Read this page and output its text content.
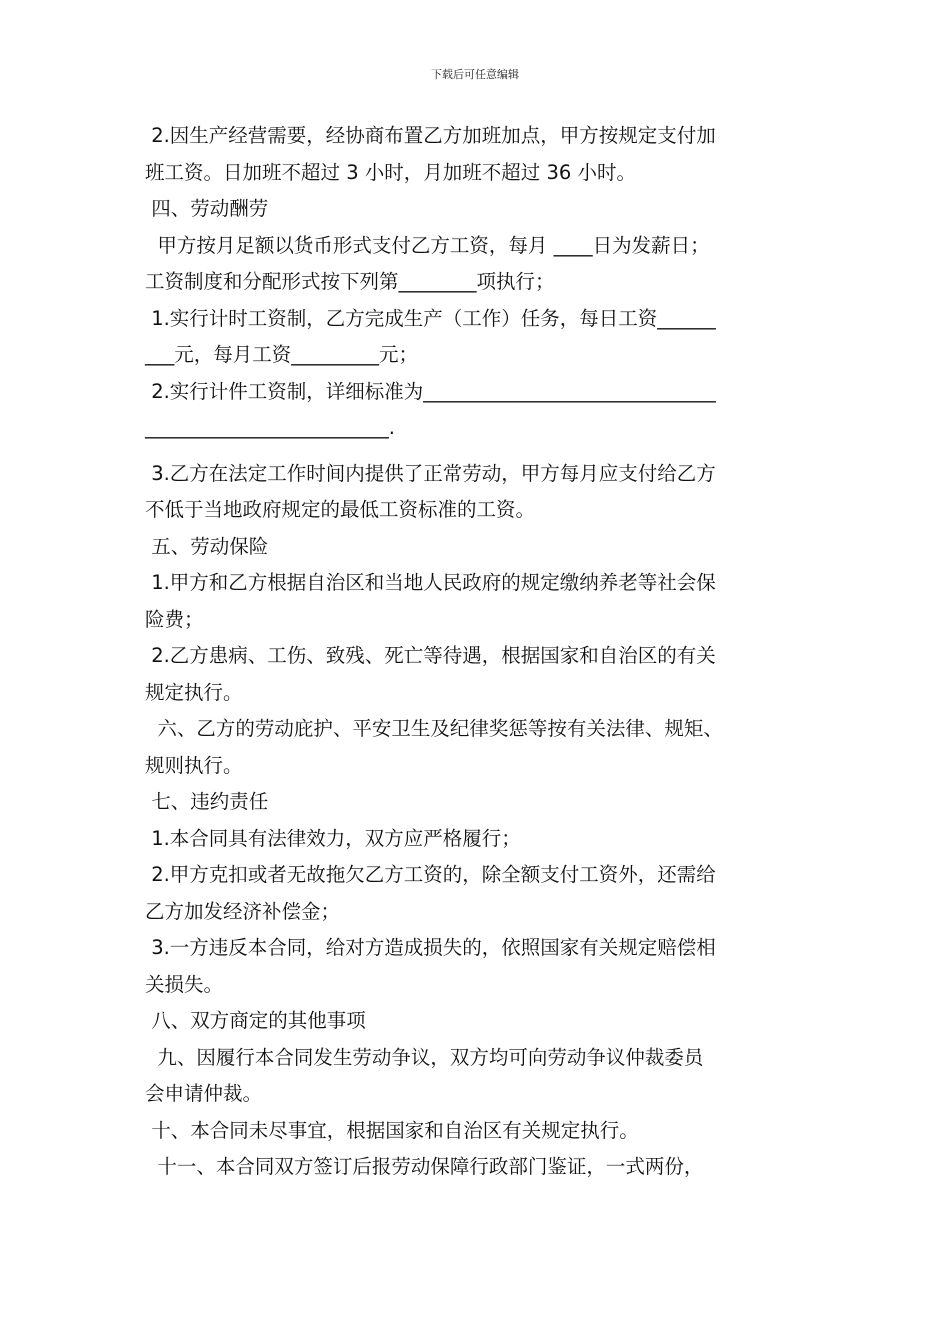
下载后可任意编辑
2.因生产经营需要，经协商布置乙方加班加点，甲方按规定支付加
班工资。日加班不超过 3 小时，月加班不超过 36 小时。
四、劳动酬劳
甲方按月足额以货币形式支付乙方工资，每月 ____日为发薪日；
工资制度和分配形式按下列第________项执行；
1.实行计时工资制，乙方完成生产（工作）任务，每日工资______
___元，每月工资_________元；
2.实行计件工资制，详细标准为______________________________
_________________________.
3.乙方在法定工作时间内提供了正常劳动，甲方每月应支付给乙方
不低于当地政府规定的最低工资标准的工资。
五、劳动保险
1.甲方和乙方根据自治区和当地人民政府的规定缴纳养老等社会保
险费；
2.乙方患病、工伤、致残、死亡等待遇，根据国家和自治区的有关
规定执行。
六、乙方的劳动庇护、平安卫生及纪律奖惩等按有关法律、规矩、
规则执行。
七、违约责任
1.本合同具有法律效力，双方应严格履行；
2.甲方克扣或者无故拖欠乙方工资的，除全额支付工资外，还需给
乙方加发经济补偿金；
3.一方违反本合同，给对方造成损失的，依照国家有关规定赔偿相
关损失。
八、双方商定的其他事项
九、因履行本合同发生劳动争议，双方均可向劳动争议仲裁委员
会申请仲裁。
十、本合同未尽事宜，根据国家和自治区有关规定执行。
十一、本合同双方签订后报劳动保障行政部门鉴证，一式两份，
